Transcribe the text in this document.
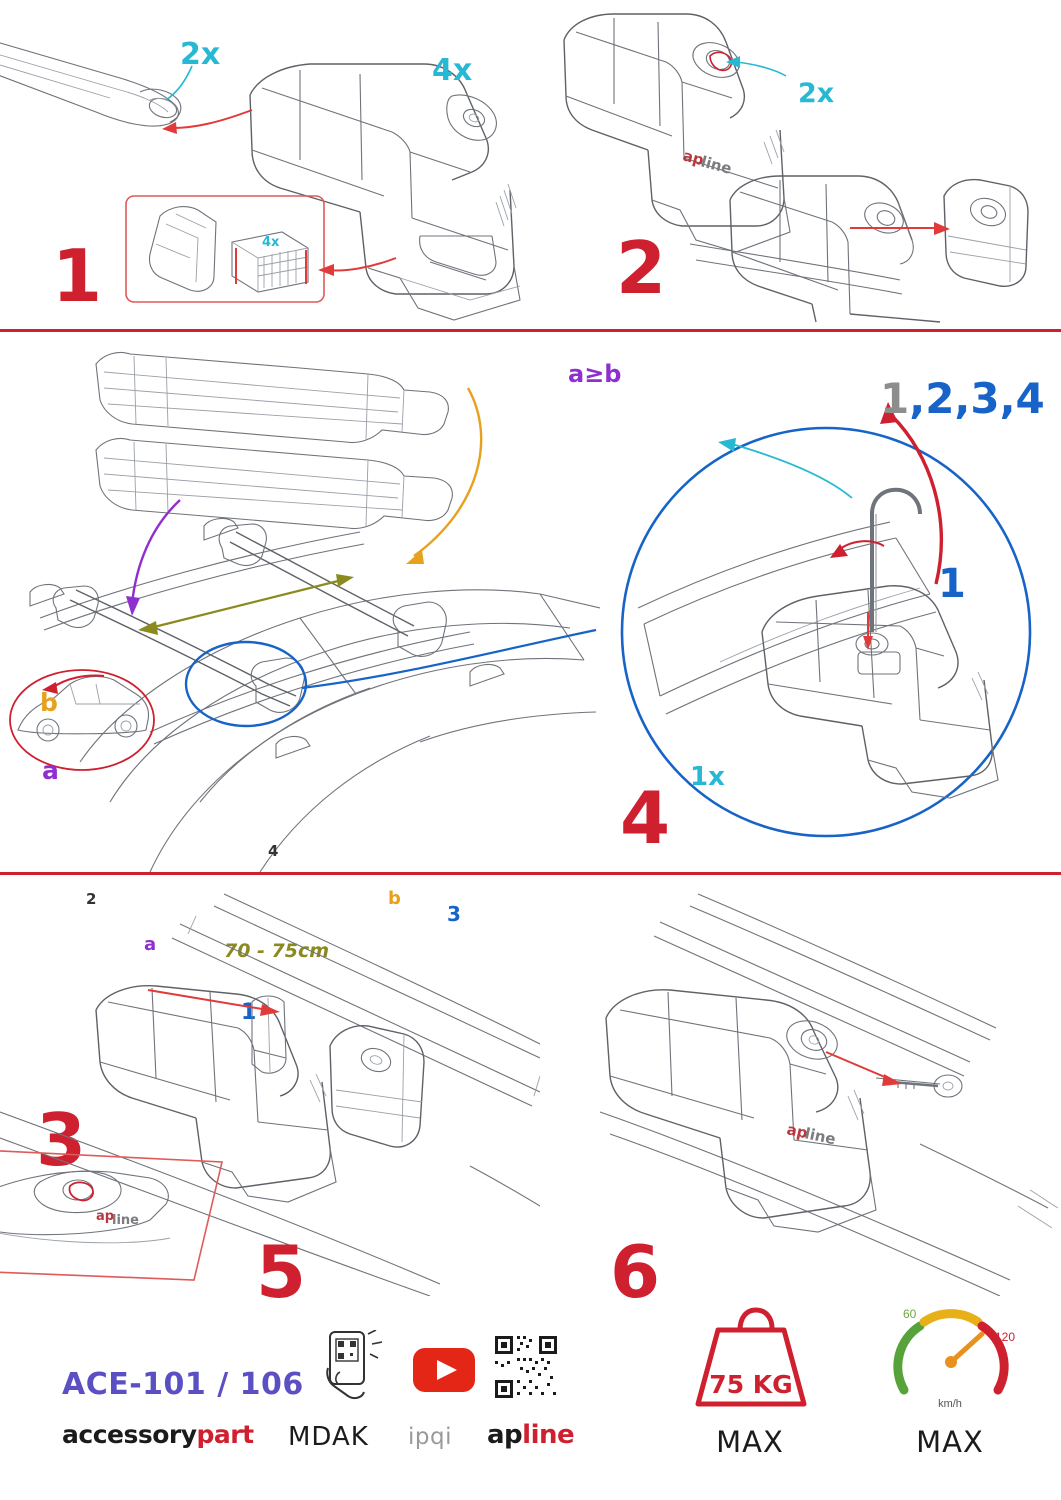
2x	4x
4x
1
ap
line
2x
2
b
a
a
b
70 - 75cm
1
2
3
4
3
a≥b
1x
4
1,2,3,4
1
ap
line
5
ap
line
6
ACE-101 / 106
accessorypart MDAK ipqi apline
75 KG
MAX
60
120
km/h
MAX
